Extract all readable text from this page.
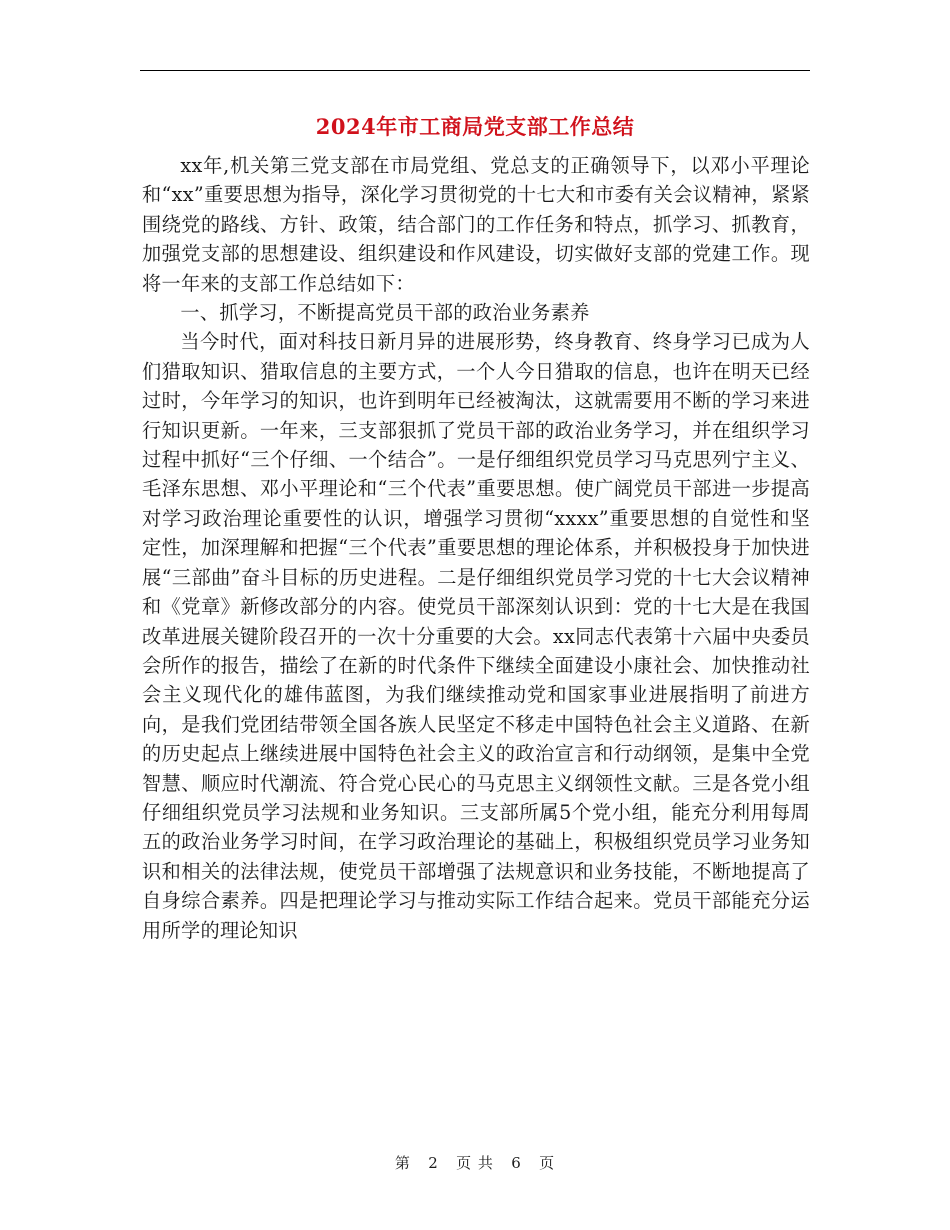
2024年市工商局党支部工作总结

xx年,机关第三党支部在市局党组、党总支的正确领导下，以邓小平理论和“xx”重要思想为指导，深化学习贯彻党的十七大和市委有关会议精神，紧紧围绕党的路线、方针、政策，结合部门的工作任务和特点，抓学习、抓教育，加强党支部的思想建设、组织建设和作风建设，切实做好支部的党建工作。现将一年来的支部工作总结如下：

一、抓学习，不断提高党员干部的政治业务素养

当今时代，面对科技日新月异的进展形势，终身教育、终身学习已成为人们猎取知识、猎取信息的主要方式，一个人今日猎取的信息，也许在明天已经过时，今年学习的知识，也许到明年已经被淘汰，这就需要用不断的学习来进行知识更新。一年来，三支部狠抓了党员干部的政治业务学习，并在组织学习过程中抓好“三个仔细、一个结合”。一是仔细组织党员学习马克思列宁主义、毛泽东思想、邓小平理论和“三个代表”重要思想。使广阔党员干部进一步提高对学习政治理论重要性的认识，增强学习贯彻“xxxx”重要思想的自觉性和坚定性，加深理解和把握“三个代表”重要思想的理论体系，并积极投身于加快进展“三部曲”奋斗目标的历史进程。二是仔细组织党员学习党的十七大会议精神和《党章》新修改部分的内容。使党员干部深刻认识到：党的十七大是在我国改革进展关键阶段召开的一次十分重要的大会。xx同志代表第十六届中央委员会所作的报告，描绘了在新的时代条件下继续全面建设小康社会、加快推动社会主义现代化的雄伟蓝图，为我们继续推动党和国家事业进展指明了前进方向，是我们党团结带领全国各族人民坚定不移走中国特色社会主义道路、在新的历史起点上继续进展中国特色社会主义的政治宣言和行动纲领，是集中全党智慧、顺应时代潮流、符合党心民心的马克思主义纲领性文献。三是各党小组仔细组织党员学习法规和业务知识。三支部所属5个党小组，能充分利用每周五的政治业务学习时间，在学习政治理论的基础上，积极组织党员学习业务知识和相关的法律法规，使党员干部增强了法规意识和业务技能，不断地提高了自身综合素养。四是把理论学习与推动实际工作结合起来。党员干部能充分运用所学的理论知识

第 2 页 共 6 页
